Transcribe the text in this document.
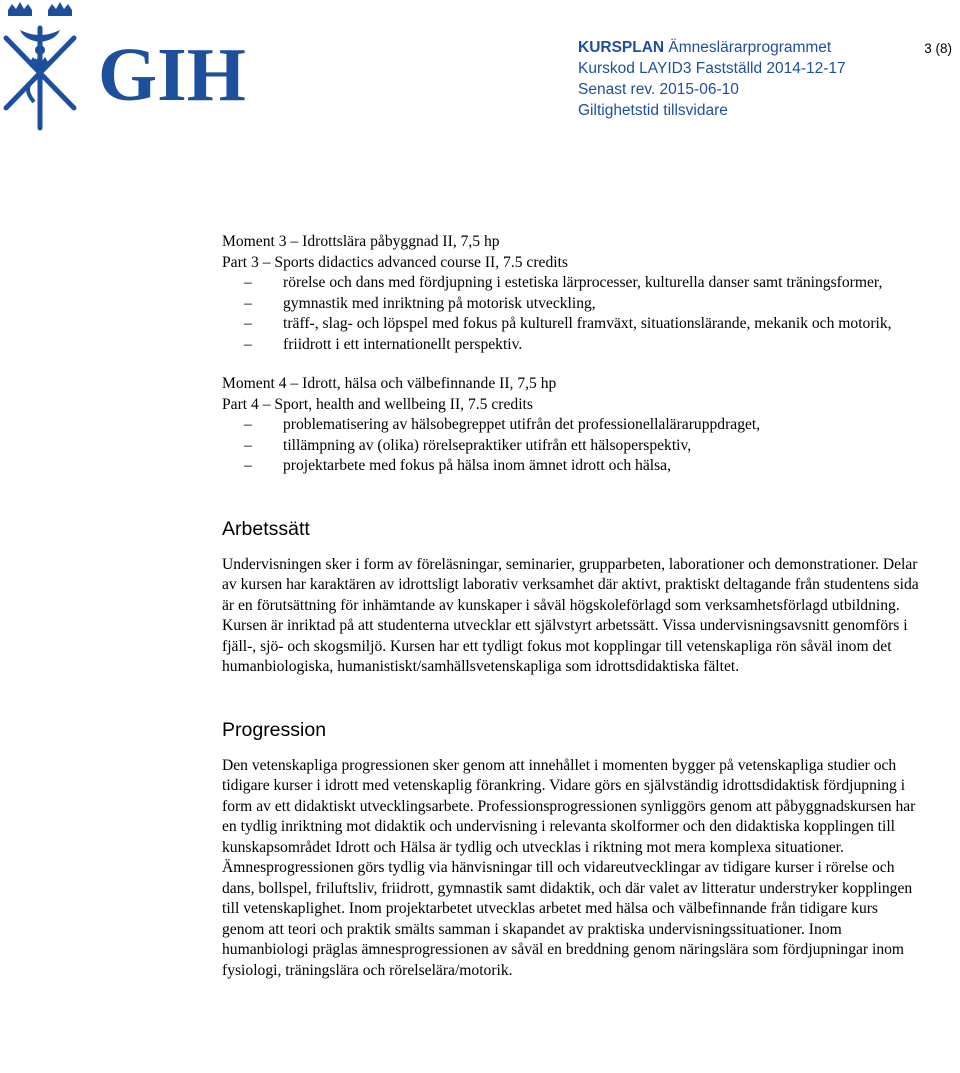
GIH	KURSPLAN Ämneslärarprogrammet
Kurskod LAYID3 Fastställd 2014-12-17
Senast rev. 2015-06-10
Giltighetstid tillsvidare
3 (8)
Moment 3 – Idrottslära påbyggnad II, 7,5 hp
Part 3 – Sports didactics advanced course II, 7.5 credits
– rörelse och dans med fördjupning i estetiska lärprocesser, kulturella danser samt träningsformer,
– gymnastik med inriktning på motorisk utveckling,
– träff-, slag- och löpspel med fokus på kulturell framväxt, situationslärande, mekanik och motorik,
– friidrott i ett internationellt perspektiv.
Moment 4 – Idrott, hälsa och välbefinnande II, 7,5 hp
Part 4 – Sport, health and wellbeing II, 7.5 credits
– problematisering av hälsobegreppet utifrån det professionellaläraruppdraget,
– tillämpning av (olika) rörelsepraktiker utifrån ett hälsoperspektiv,
– projektarbete med fokus på hälsa inom ämnet idrott och hälsa,
Arbetssätt

Undervisningen sker i form av föreläsningar, seminarier, grupparbeten, laborationer och demonstrationer. Delar av kursen har karaktären av idrottsligt laborativ verksamhet där aktivt, praktiskt deltagande från studentens sida är en förutsättning för inhämtande av kunskaper i såväl högskoleförlagd som verksamhetsförlagd utbildning. Kursen är inriktad på att studenterna utvecklar ett självstyrt arbetssätt. Vissa undervisningsavsnitt genomförs i fjäll-, sjö- och skogsmiljö. Kursen har ett tydligt fokus mot kopplingar till vetenskapliga rön såväl inom det humanbiologiska, humanistiskt/samhällsvetenskapliga som idrottsdidaktiska fältet.

Progression

Den vetenskapliga progressionen sker genom att innehållet i momenten bygger på vetenskapliga studier och tidigare kurser i idrott med vetenskaplig förankring. Vidare görs en självständig idrottsdidaktisk fördjupning i form av ett didaktiskt utvecklingsarbete. Professionsprogressionen synliggörs genom att påbyggnadskursen har en tydlig inriktning mot didaktik och undervisning i relevanta skolformer och den didaktiska kopplingen till kunskapsområdet Idrott och Hälsa är tydlig och utvecklas i riktning mot mera komplexa situationer. Ämnesprogressionen görs tydlig via hänvisningar till och vidareutvecklingar av tidigare kurser i rörelse och dans, bollspel, friluftsliv, friidrott, gymnastik samt didaktik, och där valet av litteratur understryker kopplingen till vetenskaplighet. Inom projektarbetet utvecklas arbetet med hälsa och välbefinnande från tidigare kurs genom att teori och praktik smälts samman i skapandet av praktiska undervisningssituationer. Inom humanbiologi präglas ämnesprogressionen av såväl en breddning genom näringslära som fördjupningar inom fysiologi, träningslära och rörelselära/motorik.
